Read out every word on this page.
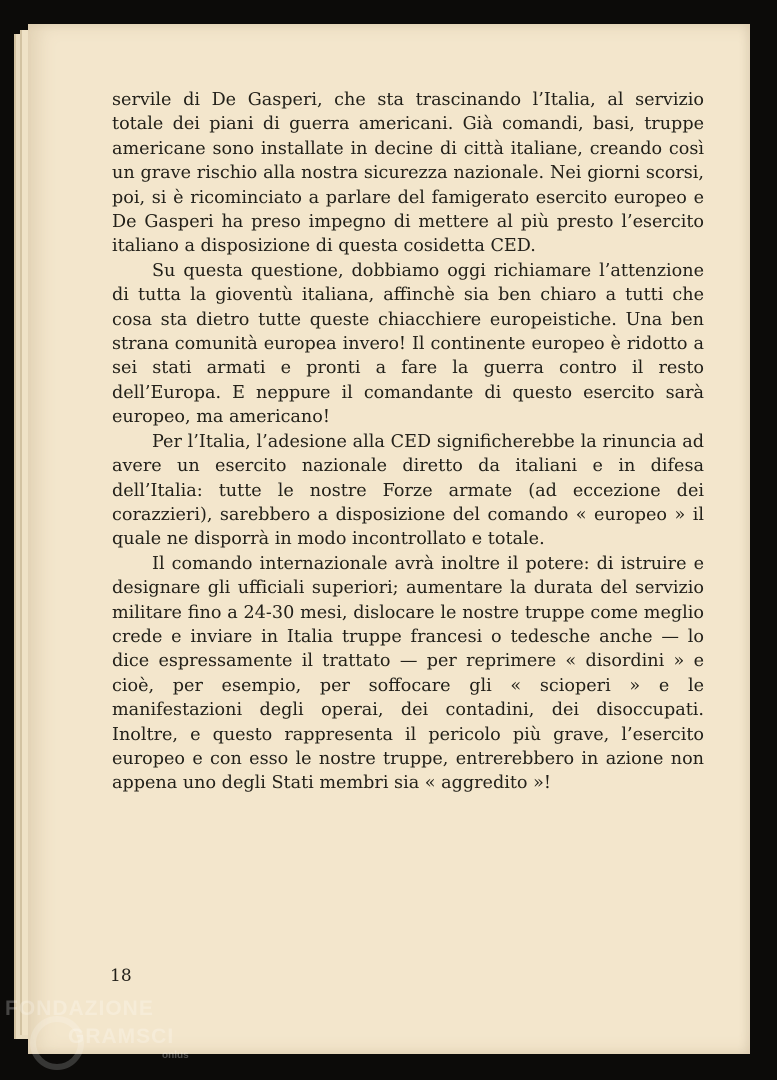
servile di De Gasperi, che sta trascinando l’Italia, al servizio totale dei piani di guerra americani. Già comandi, basi, truppe americane sono installate in decine di città italiane, creando così un grave rischio alla nostra sicurezza nazionale. Nei giorni scorsi, poi, si è ricominciato a parlare del famigerato esercito europeo e De Gasperi ha preso impegno di mettere al più presto l’esercito italiano a disposizione di questa cosidetta CED.

Su questa questione, dobbiamo oggi richiamare l’attenzione di tutta la gioventù italiana, affinchè sia ben chiaro a tutti che cosa sta dietro tutte queste chiacchiere europeistiche. Una ben strana comunità europea invero! Il continente europeo è ridotto a sei stati armati e pronti a fare la guerra contro il resto dell’Europa. E neppure il comandante di questo esercito sarà europeo, ma americano!

Per l’Italia, l’adesione alla CED significherebbe la rinuncia ad avere un esercito nazionale diretto da italiani e in difesa dell’Italia: tutte le nostre Forze armate (ad eccezione dei corazzieri), sarebbero a disposizione del comando « europeo » il quale ne disporrà in modo incontrollato e totale.

Il comando internazionale avrà inoltre il potere: di istruire e designare gli ufficiali superiori; aumentare la durata del servizio militare fino a 24-30 mesi, dislocare le nostre truppe come meglio crede e inviare in Italia truppe francesi o tedesche anche — lo dice espressamente il trattato — per reprimere « disordini » e cioè, per esempio, per soffocare gli « scioperi » e le manifestazioni degli operai, dei contadini, dei disoccupati. Inoltre, e questo rappresenta il pericolo più grave, l’esercito europeo e con esso le nostre truppe, entrerebbero in azione non appena uno degli Stati membri sia « aggredito »!

18
FONDAZIONE
GRAMSCI
onlus
